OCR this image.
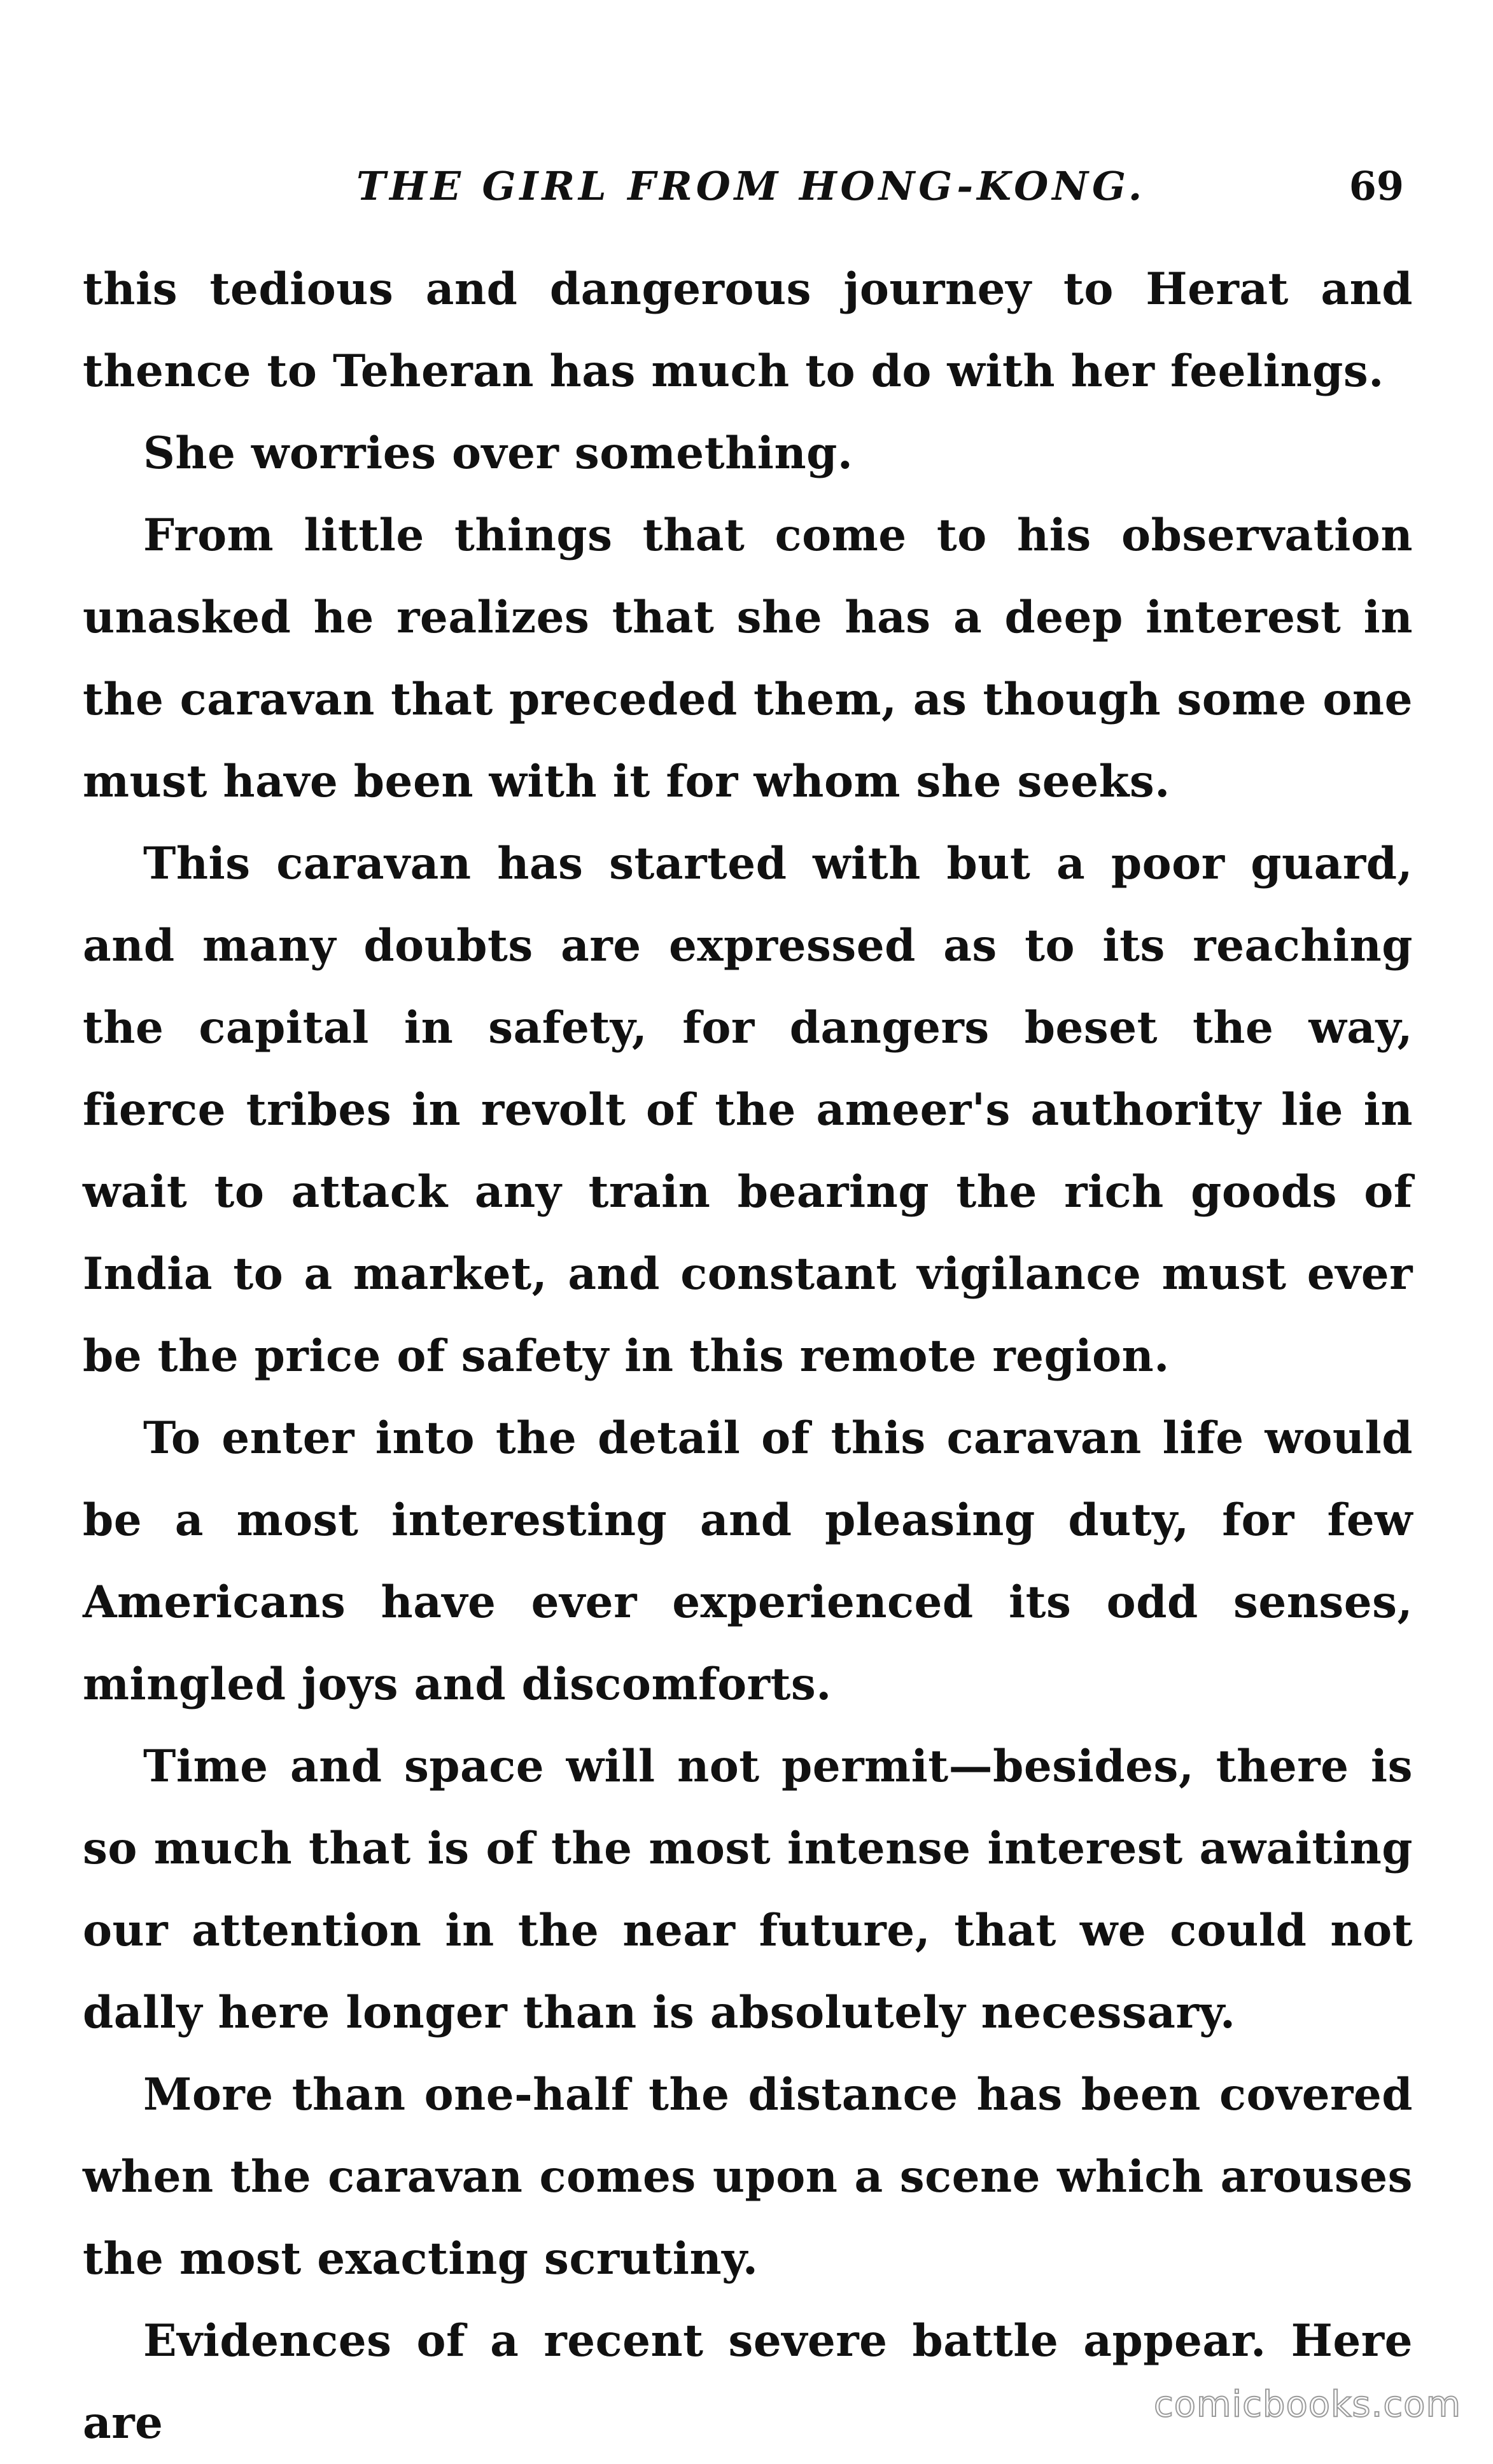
THE GIRL FROM HONG-KONG.	69

this tedious and dangerous journey to Herat and thence to Teheran has much to do with her feelings.

She worries over something.

From little things that come to his observation unasked he realizes that she has a deep interest in the caravan that preceded them, as though some one must have been with it for whom she seeks.

This caravan has started with but a poor guard, and many doubts are expressed as to its reaching the capital in safety, for dangers beset the way, fierce tribes in revolt of the ameer's authority lie in wait to attack any train bearing the rich goods of India to a market, and constant vigilance must ever be the price of safety in this remote region.

To enter into the detail of this caravan life would be a most interesting and pleasing duty, for few Americans have ever experienced its odd senses, mingled joys and discomforts.

Time and space will not permit—besides, there is so much that is of the most intense interest awaiting our attention in the near future, that we could not dally here longer than is absolutely necessary.

More than one-half the distance has been covered when the caravan comes upon a scene which arouses the most exacting scrutiny.

Evidences of a recent severe battle appear. Here are	comicbooks.com
